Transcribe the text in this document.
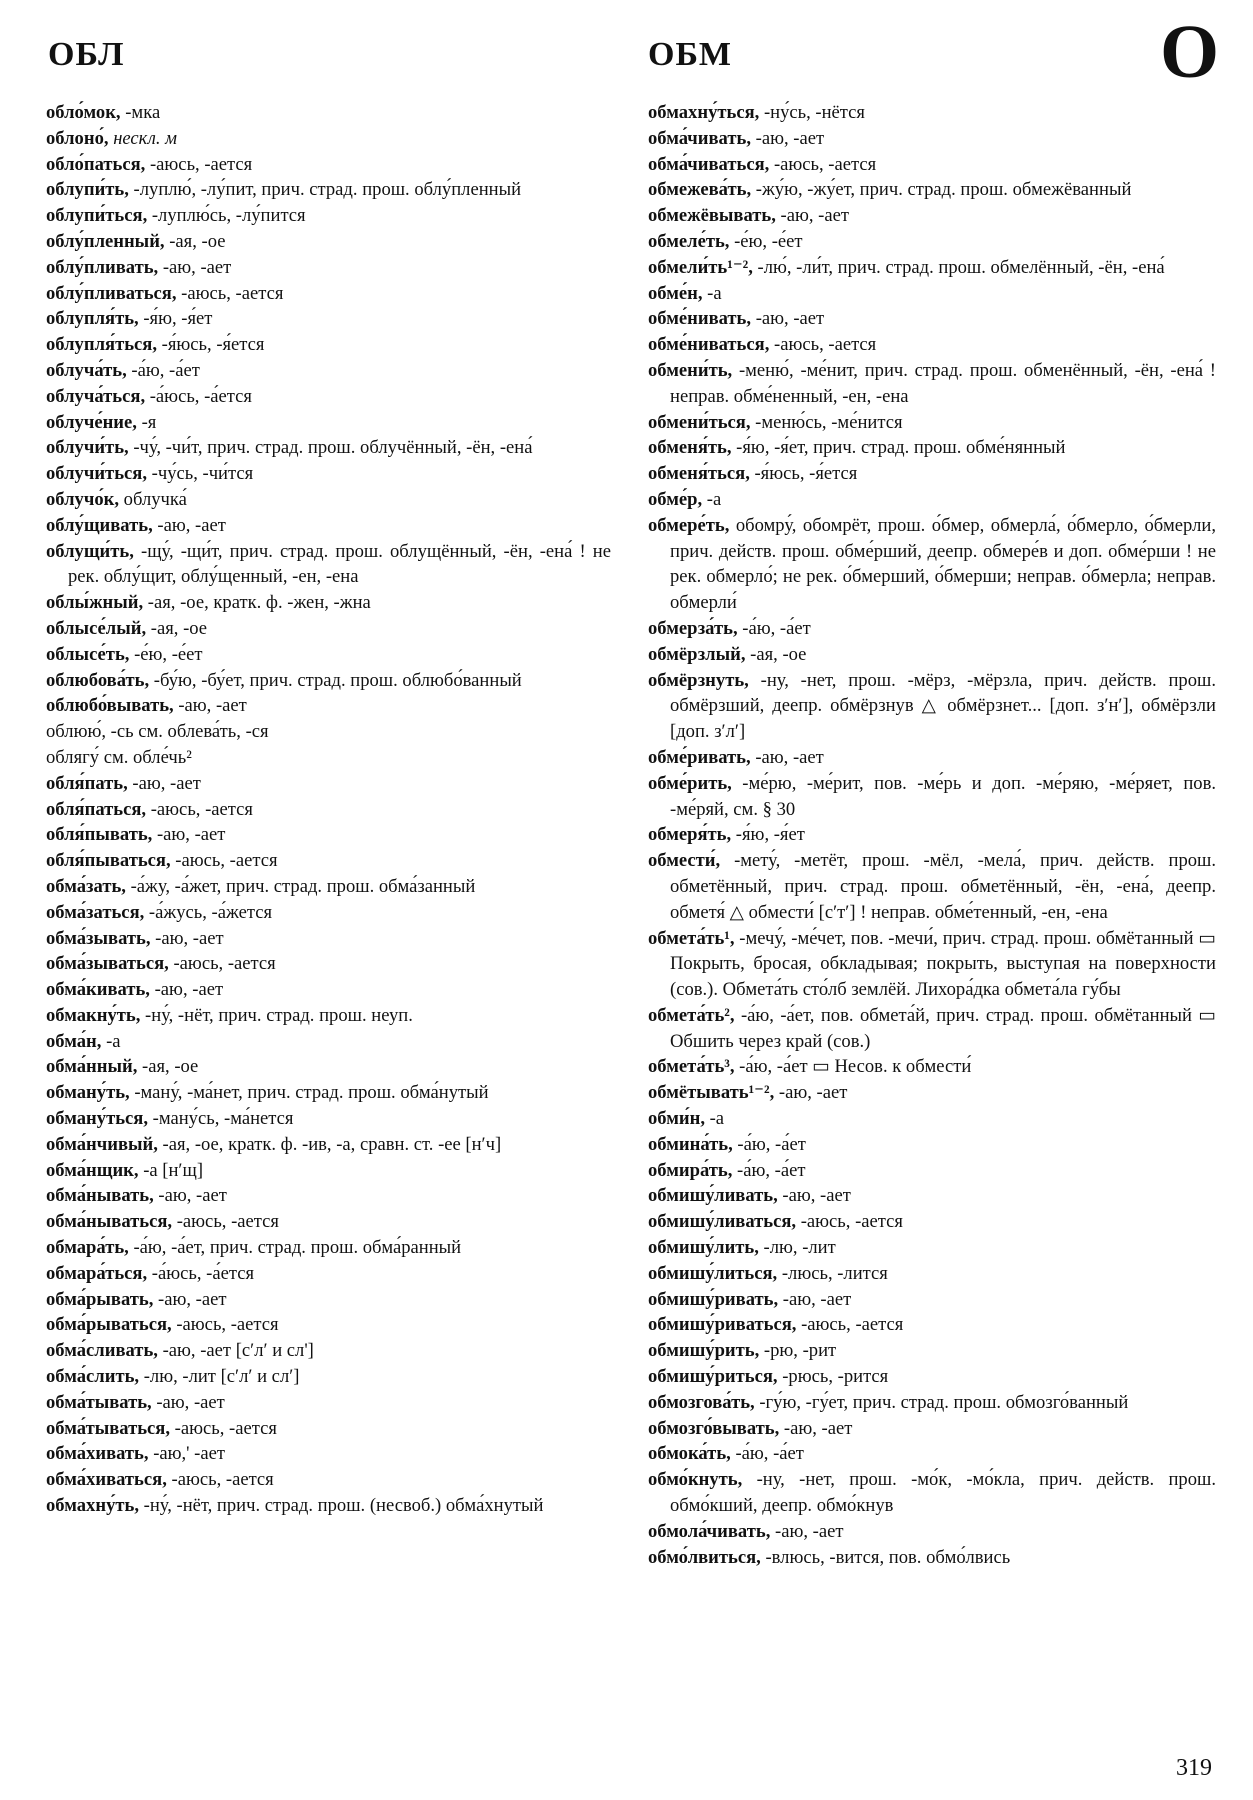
ОБЛ	ОБМ	О

обло́мок, -мка

облоно́, нескл. м

обло́паться, -аюсь, -ается

облупи́ть, -луплю́, -лу́пит, прич. страд. прош. облу́пленный

облупи́ться, -луплю́сь, -лу́пится

облу́пленный, -ая, -ое

облу́пливать, -аю, -ает

облу́пливаться, -аюсь, -ается

облупля́ть, -я́ю, -я́ет

облупля́ться, -я́юсь, -я́ется

облуча́ть, -а́ю, -а́ет

облуча́ться, -а́юсь, -а́ется

облуче́ние, -я

облучи́ть, -чу́, -чи́т, прич. страд. прош. облучённый, -ён, -ена́

облучи́ться, -чу́сь, -чи́тся

облучо́к, облучка́

облу́щивать, -аю, -ает

облущи́ть, -щу́, -щи́т, прич. страд. прош. облущённый, -ён, -ена́ ! не рек. облу́щит, облу́щенный, -ен, -ена

облы́жный, -ая, -ое, кратк. ф. -жен, -жна

облысе́лый, -ая, -ое

облысе́ть, -е́ю, -е́ет

облюбова́ть, -бу́ю, -бу́ет, прич. страд. прош. облюбо́ванный

облюбо́вывать, -аю, -ает

облюю́, -сь см. облева́ть, -ся

облягу́ см. обле́чь²

обля́пать, -аю, -ает

обля́паться, -аюсь, -ается

обля́пывать, -аю, -ает

обля́пываться, -аюсь, -ается

обма́зать, -а́жу, -а́жет, прич. страд. прош. обма́занный

обма́заться, -а́жусь, -а́жется

обма́зывать, -аю, -ает

обма́зываться, -аюсь, -ается

обма́кивать, -аю, -ает

обмакну́ть, -ну́, -нёт, прич. страд. прош. неуп.

обма́н, -а

обма́нный, -ая, -ое

обману́ть, -ману́, -ма́нет, прич. страд. прош. обма́нутый

обману́ться, -ману́сь, -ма́нется

обма́нчивый, -ая, -ое, кратк. ф. -ив, -а, сравн. ст. -ее [нʹч]

обма́нщик, -а [нʹщ]

обма́нывать, -аю, -ает

обма́нываться, -аюсь, -ается

обмара́ть, -а́ю, -а́ет, прич. страд. прош. обма́ранный

обмара́ться, -а́юсь, -а́ется

обма́рывать, -аю, -ает

обма́рываться, -аюсь, -ается

обма́сливать, -аю, -ает [сʹлʹ и сл']

обма́слить, -лю, -лит [сʹлʹ и слʹ]

обма́тывать, -аю, -ает

обма́тываться, -аюсь, -ается

обма́хивать, -аю,' -ает

обма́хиваться, -аюсь, -ается

обмахну́ть, -ну́, -нёт, прич. страд. прош. (несвоб.) обма́хнутый

обмахну́ться, -ну́сь, -нётся

обма́чивать, -аю, -ает

обма́чиваться, -аюсь, -ается

обмежева́ть, -жу́ю, -жу́ет, прич. страд. прош. обмежёванный

обмежёвывать, -аю, -ает

обмеле́ть, -е́ю, -е́ет

обмели́ть¹⁻², -лю́, -ли́т, прич. страд. прош. обмелённый, -ён, -ена́

обме́н, -а

обме́нивать, -аю, -ает

обме́ниваться, -аюсь, -ается

обмени́ть, -меню́, -ме́нит, прич. страд. прош. обменённый, -ён, -ена́ ! неправ. обме́ненный, -ен, -ена

обмени́ться, -меню́сь, -ме́нится

обменя́ть, -я́ю, -я́ет, прич. страд. прош. обме́нянный

обменя́ться, -я́юсь, -я́ется

обме́р, -а

обмере́ть, обомру́, обомрёт, прош. о́бмер, обмерла́, о́бмерло, о́бмерли, прич. действ. прош. обме́рший, деепр. обмере́в и доп. обме́рши ! не рек. обмерло́; не рек. о́бмерший, о́бмерши; неправ. о́бмерла; неправ. обмерли́

обмерза́ть, -а́ю, -а́ет

обмёрзлый, -ая, -ое

обмёрзнуть, -ну, -нет, прош. -мёрз, -мёрзла, прич. действ. прош. обмёрзший, деепр. обмёрзнув △ обмёрзнет... [доп. зʹнʹ], обмёрзли [доп. зʹлʹ]

обме́ривать, -аю, -ает

обме́рить, -ме́рю, -ме́рит, пов. -ме́рь и доп. -ме́ряю, -ме́ряет, пов. -ме́ряй, см. § 30

обмеря́ть, -я́ю, -я́ет

обмести́, -мету́, -метёт, прош. -мёл, -мела́, прич. действ. прош. обметённый, прич. страд. прош. обметённый, -ён, -ена́, деепр. обметя́ △ обмести́ [сʹтʹ] ! неправ. обме́тенный, -ен, -ена

обмета́ть¹, -мечу́, -ме́чет, пов. -мечи́, прич. страд. прош. обмётанный ▭ Покрыть, бросая, обкладывая; покрыть, выступая на поверхности (сов.). Обмета́ть сто́лб землёй. Лихора́дка обмета́ла гу́бы

обмета́ть², -а́ю, -а́ет, пов. обмета́й, прич. страд. прош. обмётанный ▭ Обшить через край (сов.)

обмета́ть³, -а́ю, -а́ет ▭ Несов. к обмести́

обмётывать¹⁻², -аю, -ает

обми́н, -а

обмина́ть, -а́ю, -а́ет

обмира́ть, -а́ю, -а́ет

обмишу́ливать, -аю, -ает

обмишу́ливаться, -аюсь, -ается

обмишу́лить, -лю, -лит

обмишу́литься, -люсь, -лится

обмишу́ривать, -аю, -ает

обмишу́риваться, -аюсь, -ается

обмишу́рить, -рю, -рит

обмишу́риться, -рюсь, -рится

обмозгова́ть, -гу́ю, -гу́ет, прич. страд. прош. обмозго́ванный

обмозго́вывать, -аю, -ает

обмока́ть, -а́ю, -а́ет

обмо́кнуть, -ну, -нет, прош. -мо́к, -мо́кла, прич. действ. прош. обмо́кший, деепр. обмо́кнув

обмола́чивать, -аю, -ает

обмо́лвиться, -влюсь, -вится, пов. обмо́лвись

319
